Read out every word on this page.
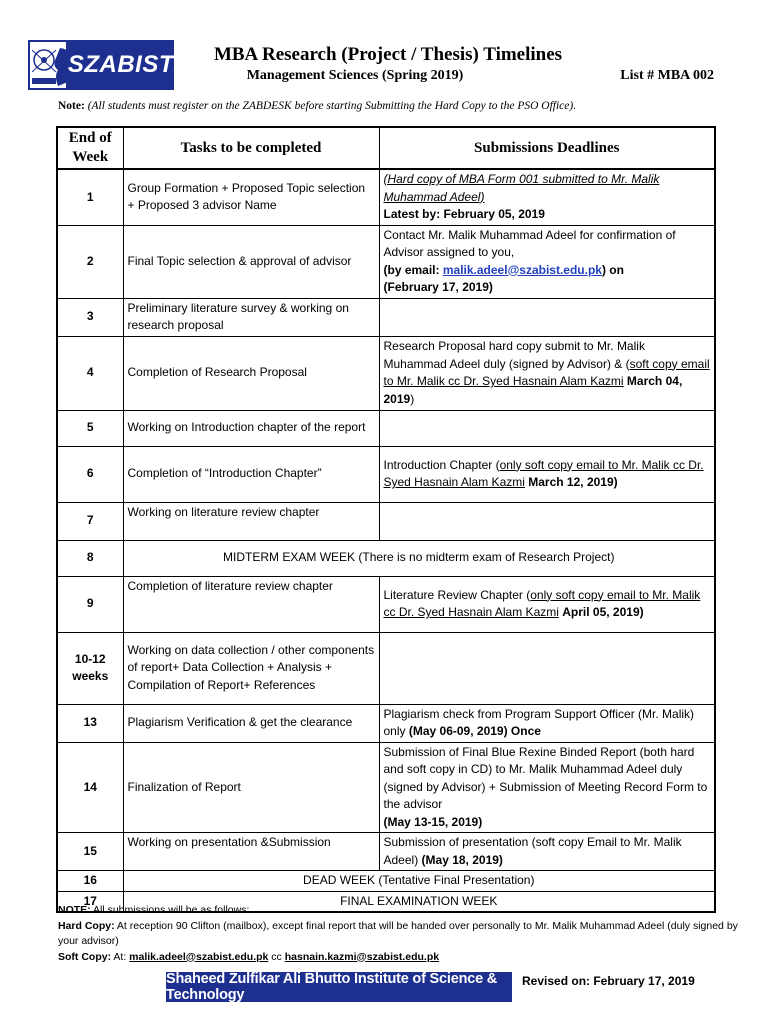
SZABIST	MBA Research (Project / Thesis) Timelines
Management Sciences (Spring 2019)	List # MBA 002
Note: (All students must register on the ZABDESK before starting Submitting the Hard Copy to the PSO Office).
End of Week	Tasks to be completed	Submissions Deadlines
1	Group Formation + Proposed Topic selection + Proposed 3 advisor Name	(Hard copy of MBA Form 001 submitted to Mr. Malik Muhammad Adeel)
Latest by: February 05, 2019
2	Final Topic selection & approval of advisor	Contact Mr. Malik Muhammad Adeel for confirmation of Advisor assigned to you,
(by email: malik.adeel@szabist.edu.pk) on
(February 17, 2019)
3	Preliminary literature survey & working on research proposal	
4	Completion of Research Proposal	Research Proposal hard copy submit to Mr. Malik Muhammad Adeel duly (signed by Advisor) & (soft copy email to Mr. Malik cc Dr. Syed Hasnain Alam Kazmi March 04, 2019)
5	Working on Introduction chapter of the report	
6	Completion of “Introduction Chapter”	Introduction Chapter (only soft copy email to Mr. Malik cc Dr. Syed Hasnain Alam Kazmi March 12, 2019)
7	Working on literature review chapter	
8	MIDTERM EXAM WEEK (There is no midterm exam of Research Project)	
9	Completion of literature review chapter	Literature Review Chapter (only soft copy email to Mr. Malik cc Dr. Syed Hasnain Alam Kazmi April 05, 2019)
10-12 weeks	Working on data collection / other components of report+ Data Collection + Analysis + Compilation of Report+ References	
13	Plagiarism Verification & get the clearance	Plagiarism check from Program Support Officer (Mr. Malik) only (May 06-09, 2019) Once
14	Finalization of Report	Submission of Final Blue Rexine Binded Report (both hard and soft copy in CD) to Mr. Malik Muhammad Adeel duly (signed by Advisor) + Submission of Meeting Record Form to the advisor
(May 13-15, 2019)
15	Working on presentation &Submission	Submission of presentation (soft copy Email to Mr. Malik Adeel) (May 18, 2019)
16	DEAD WEEK (Tentative Final Presentation)	
17	FINAL EXAMINATION WEEK	
NOTE: All submissions will be as follows:
Hard Copy: At reception 90 Clifton (mailbox), except final report that will be handed over personally to Mr. Malik Muhammad Adeel (duly signed by your advisor)
Soft Copy: At: malik.adeel@szabist.edu.pk cc hasnain.kazmi@szabist.edu.pk
Shaheed Zulfikar Ali Bhutto Institute of Science & Technology
Revised on: February 17, 2019
